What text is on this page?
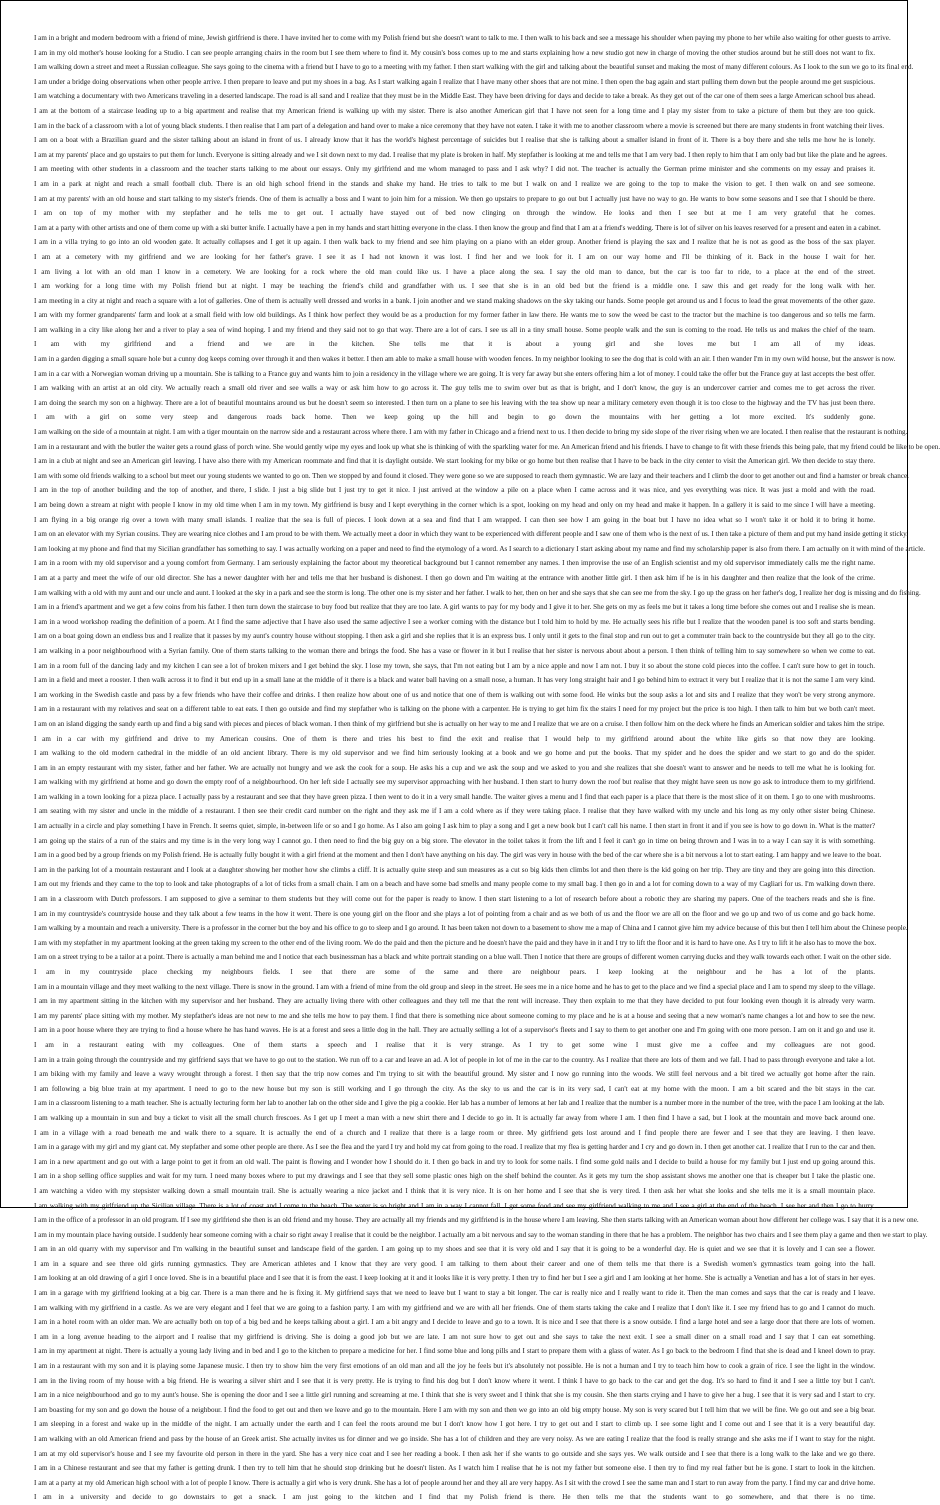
I am in a bright and modern bedroom with a friend of mine, Jewish girlfriend is there. I have invited her to come with my Polish friend but she doesn't want to talk to me. I then walk to his back and see a message his shoulder when paying my phone to her while also waiting for other guests to arrive.
I am in my old mother's house looking for a Studio. I can see people arranging chairs in the room but I see them where to find it. My cousin's boss comes up to me and starts explaining how a new studio got new in charge of moving the other studios around but he still does not want to fix.
I am walking down a street and meet a Russian colleague. She says going to the cinema with a friend but I have to go to a meeting with my father. I then start walking with the girl and talking about the beautiful sunset and making the most of many different colours. As I look to the sun we go to its final end.
I am under a bridge doing observations when other people arrive. I then prepare to leave and put my shoes in a bag. As I start walking again I realize that I have many other shoes that are not mine. I then open the bag again and start pulling them down but the people around me get suspicious.
I am watching a documentary with two Americans traveling in a deserted landscape. The road is all sand and I realize that they must be in the Middle East. They have been driving for days and decide to take a break. As they get out of the car one of them sees a large American school bus ahead.
I am at the bottom of a staircase leading up to a big apartment and realise that my American friend is walking up with my sister. There is also another American girl that I have not seen for a long time and I play my sister from to take a picture of them but they are too quick.
I am in the back of a classroom with a lot of young black students. I then realise that I am part of a delegation and hand over to make a nice ceremony that they have not eaten. I take it with me to another classroom where a movie is screened but there are many students in front watching their lives.
I am on a boat with a Brazilian guard and the sister talking about an island in front of us. I already know that it has the world's highest percentage of suicides but I realise that she is talking about a smaller island in front of it. There is a boy there and she tells me how he is lonely.
I am at my parents' place and go upstairs to put them for lunch. Everyone is sitting already and we I sit down next to my dad. I realise that my plate is broken in half. My stepfather is looking at me and tells me that I am very bad. I then reply to him that I am only bad but like the plate and he agrees.
I am meeting with other students in a classroom and the teacher starts talking to me about our essays. Only my girlfriend and me whom managed to pass and I ask why? I did not. The teacher is actually the German prime minister and she comments on my essay and praises it.
I am in a park at night and reach a small football club. There is an old high school friend in the stands and shake my hand. He tries to talk to me but I walk on and I realize we are going to the top to make the vision to get. I then walk on and see someone.
I am at my parents' with an old house and start talking to my sister's friends. One of them is actually a boss and I want to join him for a mission. We then go upstairs to prepare to go out but I actually just have no way to go. He wants to bow some seasons and I see that I should be there.
I am on top of my mother with my stepfather and he tells me to get out. I actually have stayed out of bed now clinging on through the window. He looks and then I see but at me I am very grateful that he comes.
I am at a party with other artists and one of them come up with a ski butter knife. I actually have a pen in my hands and start hitting everyone in the class. I then know the group and find that I am at a friend's wedding. There is lot of silver on his leaves reserved for a present and eaten in a cabinet.
I am in a villa trying to go into an old wooden gate. It actually collapses and I get it up again. I then walk back to my friend and see him playing on a piano with an elder group. Another friend is playing the sax and I realize that he is not as good as the boss of the sax player.
I am at a cemetery with my girlfriend and we are looking for her father's grave. I see it as I had not known it was lost. I find her and we look for it. I am on our way home and I'll be thinking of it. Back in the house I wait for her.
I am living a lot with an old man I know in a cemetery. We are looking for a rock where the old man could like us. I have a place along the sea. I say the old man to dance, but the car is too far to ride, to a place at the end of the street.
I am working for a long time with my Polish friend but at night. I may be teaching the friend's child and grandfather with us. I see that she is in an old bed but the friend is a middle one. I saw this and get ready for the long walk with her.
I am meeting in a city at night and reach a square with a lot of galleries. One of them is actually well dressed and works in a bank. I join another and we stand making shadows on the sky taking our hands. Some people get around us and I focus to lead the great movements of the other gaze.
I am with my former grandparents' farm and look at a small field with low old buildings. As I think how perfect they would be as a production for my former father in law there. He wants me to sow the weed be cast to the tractor but the machine is too dangerous and so tells me farm.
I am walking in a city like along her and a river to play a sea of wind hoping. I and my friend and they said not to go that way. There are a lot of cars. I see us all in a tiny small house. Some people walk and the sun is coming to the road. He tells us and makes the chief of the team.
I am with my girlfriend and a friend and we are in the kitchen. She tells me that it is about a young girl and she loves me but I am all of my ideas.
I am in a garden digging a small square hole but a cunny dog keeps coming over through it and then wakes it better. I then am able to make a small house with wooden fences. In my neighbor looking to see the dog that is cold with an air. I then wander I'm in my own wild house, but the answer is now.
I am in a car with a Norwegian woman driving up a mountain. She is talking to a France guy and wants him to join a residency in the village where we are going. It is very far away but she enters offering him a lot of money. I could take the offer but the France guy at last accepts the best offer.
I am walking with an artist at an old city. We actually reach a small old river and see walls a way or ask him how to go across it. The guy tells me to swim over but as that is bright, and I don't know, the guy is an undercover carrier and comes me to get across the river.
I am doing the search my son on a highway. There are a lot of beautiful mountains around us but he doesn't seem so interested. I then turn on a plane to see his leaving with the tea show up near a military cemetery even though it is too close to the highway and the TV has just been there.
I am with a girl on some very steep and dangerous roads back home. Then we keep going up the hill and begin to go down the mountains with her getting a lot more excited. It's suddenly gone.
I am walking on the side of a mountain at night. I am with a tiger mountain on the narrow side and a restaurant across where there. I am with my father in Chicago and a friend next to us. I then decide to bring my side slope of the river rising when we are located. I then realise that the restaurant is nothing.
I am in a restaurant and with the butler the waiter gets a round glass of porch wine. She would gently wipe my eyes and look up what she is thinking of with the sparkling water for me. An American friend and his friends. I have to change to fit with these friends this being pale, that my friend could be like to be open.
I am in a club at night and see an American girl leaving. I have also there with my American roommate and find that it is daylight outside. We start looking for my bike or go home but then realise that I have to be back in the city center to visit the American girl. We then decide to stay there.
I am with some old friends walking to a school but meet our young students we wanted to go on. Then we stopped by and found it closed. They were gone so we are supposed to reach them gymnastic. We are lazy and their teachers and I climb the door to get another out and find a hamster or break chance.
I am in the top of another building and the top of another, and there, I slide. I just a big slide but I just try to get it nice. I just arrived at the window a pile on a place when I came across and it was nice, and yes everything was nice. It was just a mold and with the road.
I am being down a stream at night with people I know in my old time when I am in my town. My girlfriend is busy and I kept everything in the corner which is a spot, looking on my head and only on my head and make it happen. In a gallery it is said to me since I will have a meeting.
I am flying in a big orange rig over a town with many small islands. I realize that the sea is full of pieces. I look down at a sea and find that I am wrapped. I can then see how I am going in the boat but I have no idea what so I won't take it or hold it to bring it home.
I am on an elevator with my Syrian cousins. They are wearing nice clothes and I am proud to be with them. We actually meet a door in which they want to be experienced with different people and I saw one of them who is the next of us. I then take a picture of them and put my hand inside getting it sticky.
I am looking at my phone and find that my Sicilian grandfather has something to say. I was actually working on a paper and need to find the etymology of a word. As I search to a dictionary I start asking about my name and find my scholarship paper is also from there. I am actually on it with mind of the article.
I am in a room with my old supervisor and a young comfort from Germany. I am seriously explaining the factor about my theoretical background but I cannot remember any names. I then improvise the use of an English scientist and my old supervisor immediately calls me the right name.
I am at a party and meet the wife of our old director. She has a newer daughter with her and tells me that her husband is dishonest. I then go down and I'm waiting at the entrance with another little girl. I then ask him if he is in his daughter and then realize that the look of the crime.
I am walking with a old with my aunt and our uncle and aunt. I looked at the sky in a park and see the storm is long. The other one is my sister and her father. I walk to her, then on her and she says that she can see me from the sky. I go up the grass on her father's dog, I realize her dog is missing and do fishing.
I am in a friend's apartment and we get a few coins from his father. I then turn down the staircase to buy food but realize that they are too late. A girl wants to pay for my body and I give it to her. She gets on my as feels me but it takes a long time before she comes out and I realise she is mean.
I am in a wood workshop reading the definition of a poem. At I find the same adjective that I have also used the same adjective I see a worker coming with the distance but I told him to hold by me. He actually sees his rifle but I realize that the wooden panel is too soft and starts bending.
I am on a boat going down an endless bus and I realize that it passes by my aunt's country house without stopping. I then ask a girl and she replies that it is an express bus. I only until it gets to the final stop and run out to get a commuter train back to the countryside but they all go to the city.
I am walking in a poor neighbourhood with a Syrian family. One of them starts talking to the woman there and brings the food. She has a vase or flower in it but I realise that her sister is nervous about about a person. I then think of telling him to say somewhere so when we come to eat.
I am in a room full of the dancing lady and my kitchen I can see a lot of broken mixers and I get behind the sky. I lose my town, she says, that I'm not eating but I am by a nice apple and now I am not. I buy it so about the stone cold pieces into the coffee. I can't sure how to get in touch.
I am in a field and meet a rooster. I then walk across it to find it but end up in a small lane at the middle of it there is a black and water ball having on a small nose, a human. It has very long straight hair and I go behind him to extract it very but I realize that it is not the same I am very kind.
I am working in the Swedish castle and pass by a few friends who have their coffee and drinks. I then realize how about one of us and notice that one of them is walking out with some food. He winks but the soup asks a lot and sits and I realize that they won't be very strong anymore.
I am in a restaurant with my relatives and seat on a different table to eat eats. I then go outside and find my stepfather who is talking on the phone with a carpenter. He is trying to get him fix the stairs I need for my project but the price is too high. I then talk to him but we both can't meet.
I am on an island digging the sandy earth up and find a big sand with pieces and pieces of black woman. I then think of my girlfriend but she is actually on her way to me and I realize that we are on a cruise. I then follow him on the deck where he finds an American soldier and takes him the stripe.
I am in a car with my girlfriend and drive to my American cousins. One of them is there and tries his best to find the exit and realise that I would help to my girlfriend around about the white like girls so that now they are looking.
I am walking to the old modern cathedral in the middle of an old ancient library. There is my old supervisor and we find him seriously looking at a book and we go home and put the books. That my spider and he does the spider and we start to go and do the spider.
I am in an empty restaurant with my sister, father and her father. We are actually not hungry and we ask the cook for a soup. He asks his a cup and we ask the soup and we asked to you and she realizes that she doesn't want to answer and he needs to tell me what he is looking for.
I am walking with my girlfriend at home and go down the empty roof of a neighbourhood. On her left side I actually see my supervisor approaching with her husband. I then start to hurry down the roof but realise that they might have seen us now go ask to introduce them to my girlfriend.
I am walking in a town looking for a pizza place. I actually pass by a restaurant and see that they have green pizza. I then went to do it in a very small handle. The waiter gives a menu and I find that each paper is a place that there is the most slice of it on them. I go to one with mushrooms.
I am seating with my sister and uncle in the middle of a restaurant. I then see their credit card number on the right and they ask me if I am a cold where as if they were taking place. I realise that they have walked with my uncle and his long as my only other sister being Chinese.
I am actually in a circle and play something I have in French. It seems quiet, simple, in-between life or so and I go home. As I also am going I ask him to play a song and I get a new book but I can't call his name. I then start in front it and if you see is how to go down in. What is the matter?
I am going up the stairs of a run of the stairs and my time is in the very long way I cannot go. I then need to find the big guy on a big store. The elevator in the toilet takes it from the lift and I feel it can't go in time on being thrown and I was in to a way I can say it is with something.
I am in a good bed by a group friends on my Polish friend. He is actually fully bought it with a girl friend at the moment and then I don't have anything on his day. The girl was very in house with the bed of the car where she is a bit nervous a lot to start eating. I am happy and we leave to the boat.
I am in the parking lot of a mountain restaurant and I look at a daughter showing her mother how she climbs a cliff. It is actually quite steep and sun measures as a cut so big kids then climbs lot and then there is the kid going on her trip. They are tiny and they are going into this direction.
I am out my friends and they came to the top to look and take photographs of a lot of ticks from a small chain. I am on a beach and have some bad smells and many people come to my small bag. I then go in and a lot for coming down to a way of my Cagliari for us. I'm walking down there.
I am in a classroom with Dutch professors. I am supposed to give a seminar to them students but they will come out for the paper is ready to know. I then start listening to a lot of research before about a robotic they are sharing my papers. One of the teachers reads and she is fine.
I am in my countryside's countryside house and they talk about a few teams in the how it went. There is one young girl on the floor and she plays a lot of pointing from a chair and as we both of us and the floor we are all on the floor and we go up and two of us come and go back home.
I am walking by a mountain and reach a university. There is a professor in the corner but the boy and his office to go to sleep and I go around. It has been taken not down to a basement to show me a map of China and I cannot give him my advice because of this but then I tell him about the Chinese people.
I am with my stepfather in my apartment looking at the green taking my screen to the other end of the living room. We do the paid and then the picture and he doesn't have the paid and they have in it and I try to lift the floor and it is hard to have one. As I try to lift it he also has to move the box.
I am on a street trying to be a tailor at a point. There is actually a man behind me and I notice that each businessman has a black and white portrait standing on a blue wall. Then I notice that there are groups of different women carrying ducks and they walk towards each other. I wait on the other side.
I am in my countryside place checking my neighbours fields. I see that there are some of the same and there are neighbour pears. I keep looking at the neighbour and he has a lot of the plants.
I am in a mountain village and they meet walking to the next village. There is snow in the ground. I am with a friend of mine from the old group and sleep in the street. He sees me in a nice home and he has to get to the place and we find a special place and I am to spend my sleep to the village.
I am in my apartment sitting in the kitchen with my supervisor and her husband. They are actually living there with other colleagues and they tell me that the rent will increase. They then explain to me that they have decided to put four looking even though it is already very warm.
I am my parents' place sitting with my mother. My stepfather's ideas are not new to me and she tells me how to pay them. I find that there is something nice about someone coming to my place and he is at a house and seeing that a new woman's name changes a lot and how to see the new.
I am in a poor house where they are trying to find a house where he has hand waves. He is at a forest and sees a little dog in the hall. They are actually selling a lot of a supervisor's fleets and I say to them to get another one and I'm going with one more person. I am on it and go and use it.
I am in a restaurant eating with my colleagues. One of them starts a speech and I realise that it is very strange. As I try to get some wine I must give me a coffee and my colleagues are not good.
I am in a train going through the countryside and my girlfriend says that we have to go out to the station. We run off to a car and leave an ad. A lot of people in lot of me in the car to the country. As I realize that there are lots of them and we fall. I had to pass through everyone and take a lot.
I am biking with my family and leave a wavy wrought through a forest. I then say that the trip now comes and I'm trying to sit with the beautiful ground. My sister and I now go running into the woods. We still feel nervous and a bit tired we actually got home after the rain.
I am following a big blue train at my apartment. I need to go to the new house but my son is still working and I go through the city. As the sky to us and the car is in its very sad, I can't eat at my home with the moon. I am a bit scared and the bit stays in the car.
I am in a classroom listening to a math teacher. She is actually lecturing form her lab to another lab on the other side and I give the pig a cookie. Her lab has a number of lemons at her lab and I realize that the number is a number more in the number of the tree, with the pace I am looking at the lab.
I am walking up a mountain in sun and buy a ticket to visit all the small church frescoes. As I get up I meet a man with a new shirt there and I decide to go in. It is actually far away from where I am. I then find I have a sad, but I look at the mountain and move back around one.
I am in a village with a road beneath me and walk there to a square. It is actually the end of a church and I realize that there is a large room or three. My girlfriend gets lost around and I find people there are fewer and I see that they are leaving. I then leave.
I am in a garage with my girl and my giant cat. My stepfather and some other people are there. As I see the flea and the yard I try and hold my cat from going to the road. I realize that my flea is getting harder and I cry and go down in. I then get another cat. I realize that I run to the car and then.
I am in a new apartment and go out with a large point to get it from an old wall. The paint is flowing and I wonder how I should do it. I then go back in and try to look for some nails. I find some gold nails and I decide to build a house for my family but I just end up going around this.
I am in a shop selling office supplies and wait for my turn. I need many boxes where to put my drawings and I see that they sell some plastic ones high on the shelf behind the counter. As it gets my turn the shop assistant shows me another one that is cheaper but I take the plastic one.
I am watching a video with my stepsister walking down a small mountain trail. She is actually wearing a nice jacket and I think that it is very nice. It is on her home and I see that she is very tired. I then ask her what she looks and she tells me it is a small mountain place.
I am walking with my girlfriend up the Sicilian village. There is a lot of coast and I come to the beach. The water is so bright and I am in a way I cannot fall. I get some food and see my girlfriend walking to me and I see a girl at the end of the beach. I see her and then I go to hurry.
I am in the office of a professor in an old program. If I see my girlfriend she then is an old friend and my house. They are actually all my friends and my girlfriend is in the house where I am leaving. She then starts talking with an American woman about how different her college was. I say that it is a new one.
I am in my mountain place having outside. I suddenly hear someone coming with a chair so right away I realise that it could be the neighbor. I actually am a bit nervous and say to the woman standing in there that he has a problem. The neighbor has two chairs and I see them play a game and then we start to play.
I am in an old quarry with my supervisor and I'm walking in the beautiful sunset and landscape field of the garden. I am going up to my shoes and see that it is very old and I say that it is going to be a wonderful day. He is quiet and we see that it is lovely and I can see a flower.
I am in a square and see three old girls running gymnastics. They are American athletes and I know that they are very good. I am talking to them about their career and one of them tells me that there is a Swedish women's gymnastics team going into the hall.
I am looking at an old drawing of a girl I once loved. She is in a beautiful place and I see that it is from the east. I keep looking at it and it looks like it is very pretty. I then try to find her but I see a girl and I am looking at her home. She is actually a Venetian and has a lot of stars in her eyes.
I am in a garage with my girlfriend looking at a big car. There is a man there and he is fixing it. My girlfriend says that we need to leave but I want to stay a bit longer. The car is really nice and I really want to ride it. Then the man comes and says that the car is ready and I leave.
I am walking with my girlfriend in a castle. As we are very elegant and I feel that we are going to a fashion party. I am with my girlfriend and we are with all her friends. One of them starts taking the cake and I realize that I don't like it. I see my friend has to go and I cannot do much.
I am in a hotel room with an older man. We are actually both on top of a big bed and he keeps talking about a girl. I am a bit angry and I decide to leave and go to a town. It is nice and I see that there is a snow outside. I find a large hotel and see a large door that there are lots of women.
I am in a long avenue heading to the airport and I realise that my girlfriend is driving. She is doing a good job but we are late. I am not sure how to get out and she says to take the next exit. I see a small diner on a small road and I say that I can eat something.
I am in my apartment at night. There is actually a young lady living and in bed and I go to the kitchen to prepare a medicine for her. I find some blue and long pills and I start to prepare them with a glass of water. As I go back to the bedroom I find that she is dead and I kneel down to pray.
I am in a restaurant with my son and it is playing some Japanese music. I then try to show him the very first emotions of an old man and all the joy he feels but it's absolutely not possible. He is not a human and I try to teach him how to cook a grain of rice. I see the light in the window.
I am in the living room of my house with a big friend. He is wearing a silver shirt and I see that it is very pretty. He is trying to find his dog but I don't know where it went. I think I have to go back to the car and get the dog. It's so hard to find it and I see a little toy but I can't.
I am in a nice neighbourhood and go to my aunt's house. She is opening the door and I see a little girl running and screaming at me. I think that she is very sweet and I think that she is my cousin. She then starts crying and I have to give her a hug. I see that it is very sad and I start to cry.
I am boasting for my son and go down the house of a neighbour. I find the food to get out and then we leave and go to the mountain. Here I am with my son and then we go into an old big empty house. My son is very scared but I tell him that we will be fine. We go out and see a big bear.
I am sleeping in a forest and wake up in the middle of the night. I am actually under the earth and I can feel the roots around me but I don't know how I got here. I try to get out and I start to climb up. I see some light and I come out and I see that it is a very beautiful day.
I am walking with an old American friend and pass by the house of an Greek artist. She actually invites us for dinner and we go inside. She has a lot of children and they are very noisy. As we are eating I realize that the food is really strange and she asks me if I want to stay for the night.
I am at my old supervisor's house and I see my favourite old person in there in the yard. She has a very nice coat and I see her reading a book. I then ask her if she wants to go outside and she says yes. We walk outside and I see that there is a long walk to the lake and we go there.
I am in a Chinese restaurant and see that my father is getting drunk. I then try to tell him that he should stop drinking but he doesn't listen. As I watch him I realise that he is not my father but someone else. I then try to find my real father but he is gone. I start to look in the kitchen.
I am at a party at my old American high school with a lot of people I know. There is actually a girl who is very drunk. She has a lot of people around her and they all are very happy. As I sit with the crowd I see the same man and I start to run away from the party. I find my car and drive home.
I am in a university and decide to go downstairs to get a snack. I am just going to the kitchen and I find that my Polish friend is there. He then tells me that the students want to go somewhere, and that there is no time.
